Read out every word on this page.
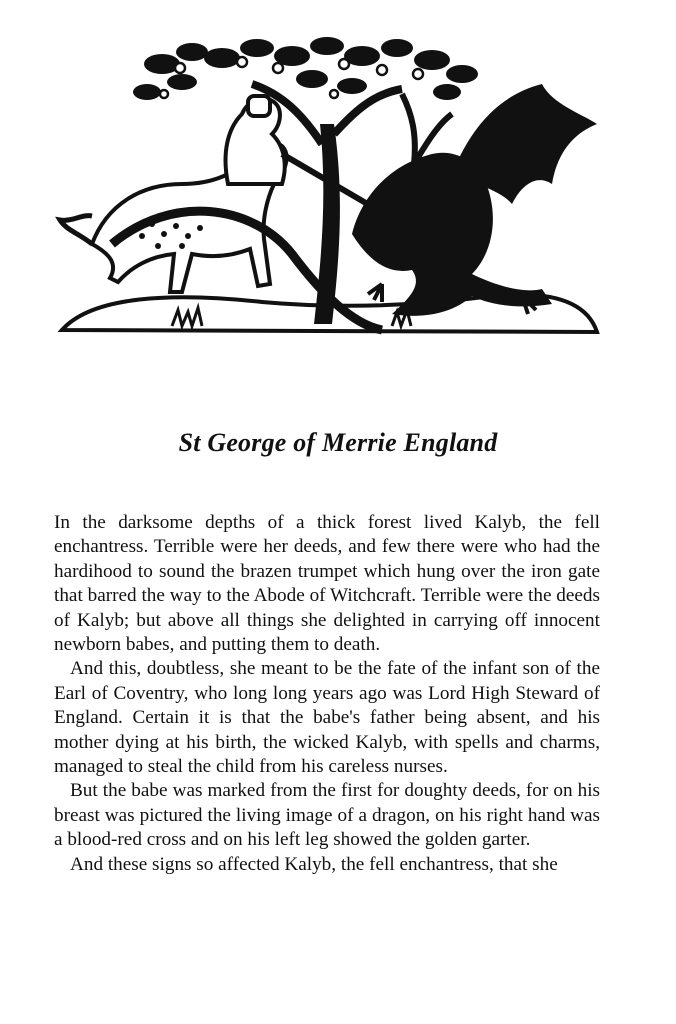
St George of Merrie England

In the darksome depths of a thick forest lived Kalyb, the fell enchantress. Terrible were her deeds, and few there were who had the hardihood to sound the brazen trumpet which hung over the iron gate that barred the way to the Abode of Witchcraft. Terrible were the deeds of Kalyb; but above all things she delighted in carrying off innocent newborn babes, and putting them to death.

And this, doubtless, she meant to be the fate of the infant son of the Earl of Coventry, who long long years ago was Lord High Steward of England. Certain it is that the babe's father being absent, and his mother dying at his birth, the wicked Kalyb, with spells and charms, managed to steal the child from his careless nurses.

But the babe was marked from the first for doughty deeds, for on his breast was pictured the living image of a dragon, on his right hand was a blood-red cross and on his left leg showed the golden garter.

And these signs so affected Kalyb, the fell enchantress, that she
